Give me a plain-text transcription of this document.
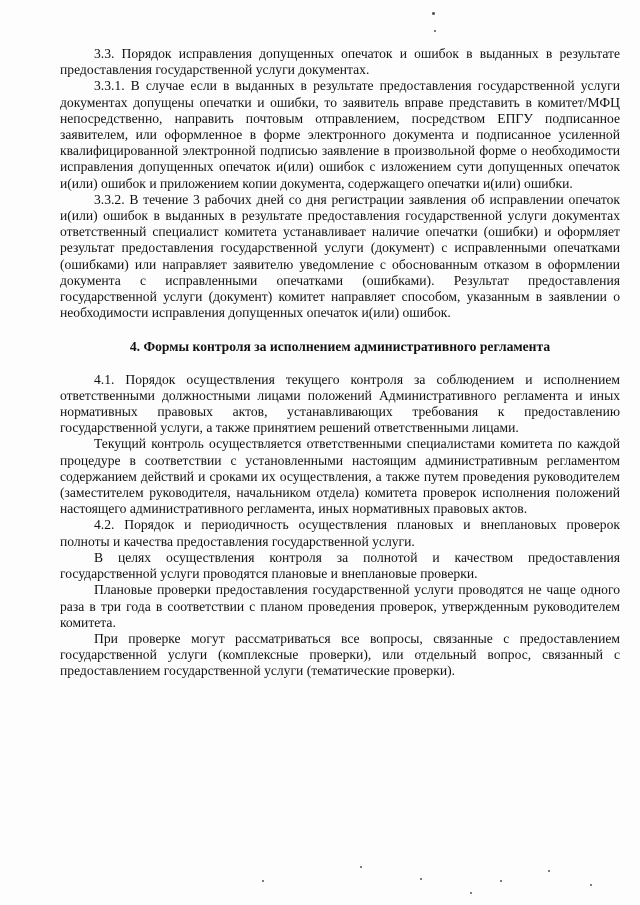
3.3. Порядок исправления допущенных опечаток и ошибок в выданных в результате предоставления государственной услуги документах.

3.3.1. В случае если в выданных в результате предоставления государственной услуги документах допущены опечатки и ошибки, то заявитель вправе представить в комитет/МФЦ непосредственно, направить почтовым отправлением, посредством ЕПГУ подписанное заявителем, или оформленное в форме электронного документа и подписанное усиленной квалифицированной электронной подписью заявление в произвольной форме о необходимости исправления допущенных опечаток и(или) ошибок с изложением сути допущенных опечаток и(или) ошибок и приложением копии документа, содержащего опечатки и(или) ошибки.

3.3.2. В течение 3 рабочих дней со дня регистрации заявления об исправлении опечаток и(или) ошибок в выданных в результате предоставления государственной услуги документах ответственный специалист комитета устанавливает наличие опечатки (ошибки) и оформляет результат предоставления государственной услуги (документ) с исправленными опечатками (ошибками) или направляет заявителю уведомление с обоснованным отказом в оформлении документа с исправленными опечатками (ошибками). Результат предоставления государственной услуги (документ) комитет направляет способом, указанным в заявлении о необходимости исправления допущенных опечаток и(или) ошибок.

4. Формы контроля за исполнением административного регламента

4.1. Порядок осуществления текущего контроля за соблюдением и исполнением ответственными должностными лицами положений Административного регламента и иных нормативных правовых актов, устанавливающих требования к предоставлению государственной услуги, а также принятием решений ответственными лицами.

Текущий контроль осуществляется ответственными специалистами комитета по каждой процедуре в соответствии с установленными настоящим административным регламентом содержанием действий и сроками их осуществления, а также путем проведения руководителем (заместителем руководителя, начальником отдела) комитета проверок исполнения положений настоящего административного регламента, иных нормативных правовых актов.

4.2. Порядок и периодичность осуществления плановых и внеплановых проверок полноты и качества предоставления государственной услуги.

В целях осуществления контроля за полнотой и качеством предоставления государственной услуги проводятся плановые и внеплановые проверки.

Плановые проверки предоставления государственной услуги проводятся не чаще одного раза в три года в соответствии с планом проведения проверок, утвержденным руководителем комитета.

При проверке могут рассматриваться все вопросы, связанные с предоставлением государственной услуги (комплексные проверки), или отдельный вопрос, связанный с предоставлением государственной услуги (тематические проверки).
